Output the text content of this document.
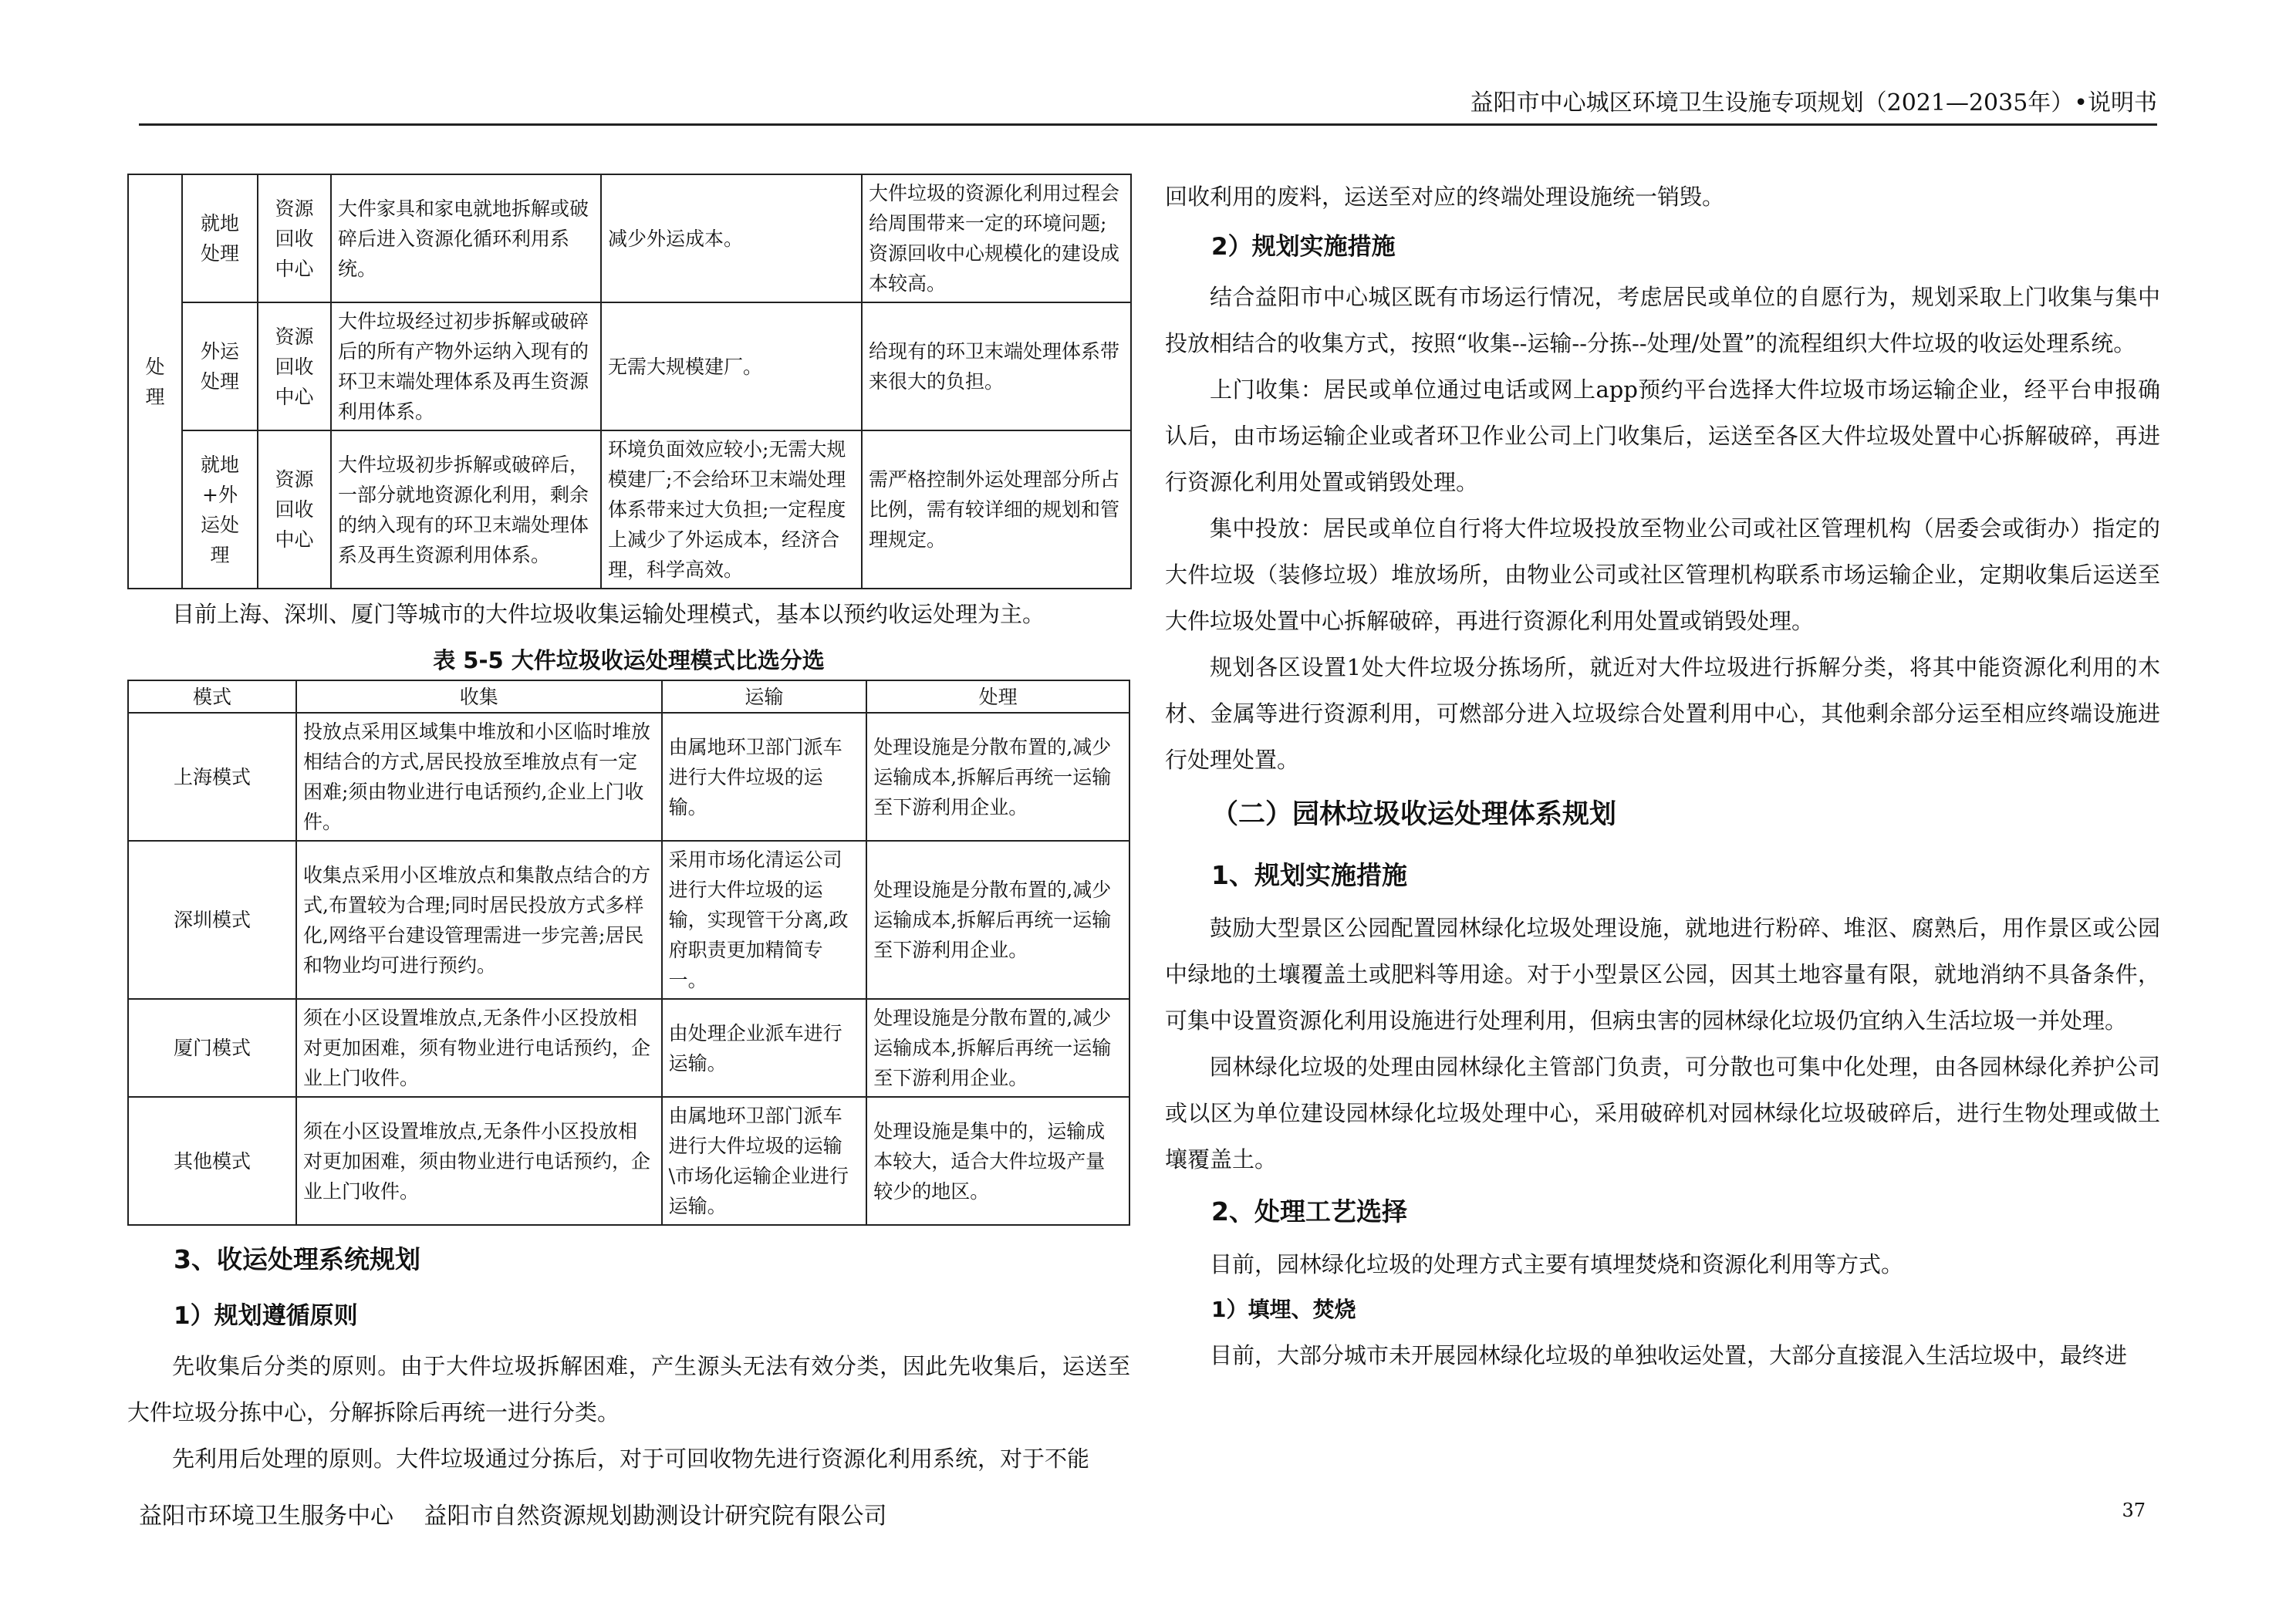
益阳市中心城区环境卫生设施专项规划（2021—2035年）•说明书
处理	就地处理	资源回收中心	大件家具和家电就地拆解或破碎后进入资源化循环利用系统。	减少外运成本。	大件垃圾的资源化利用过程会给周围带来一定的环境问题;资源回收中心规模化的建设成本较高。
	外运处理	资源回收中心	大件垃圾经过初步拆解或破碎后的所有产物外运纳入现有的环卫末端处理体系及再生资源利用体系。	无需大规模建厂。	给现有的环卫末端处理体系带来很大的负担。
	就地+外运处理	资源回收中心	大件垃圾初步拆解或破碎后，一部分就地资源化利用，剩余的纳入现有的环卫末端处理体系及再生资源利用体系。	环境负面效应较小;无需大规模建厂;不会给环卫末端处理体系带来过大负担;一定程度上减少了外运成本，经济合理，科学高效。	需严格控制外运处理部分所占比例，需有较详细的规划和管理规定。

目前上海、深圳、厦门等城市的大件垃圾收集运输处理模式，基本以预约收运处理为主。

表 5-5 大件垃圾收运处理模式比选分选
模式	收集	运输	处理
上海模式	投放点采用区域集中堆放和小区临时堆放相结合的方式,居民投放至堆放点有一定困难;须由物业进行电话预约,企业上门收件。	由属地环卫部门派车进行大件垃圾的运输。	处理设施是分散布置的,减少运输成本,拆解后再统一运输至下游利用企业。
深圳模式	收集点采用小区堆放点和集散点结合的方式,布置较为合理;同时居民投放方式多样化,网络平台建设管理需进一步完善;居民和物业均可进行预约。	采用市场化清运公司进行大件垃圾的运输，实现管干分离,政府职责更加精简专一。	处理设施是分散布置的,减少运输成本,拆解后再统一运输至下游利用企业。
厦门模式	须在小区设置堆放点,无条件小区投放相对更加困难，须有物业进行电话预约，企业上门收件。	由处理企业派车进行运输。	处理设施是分散布置的,减少运输成本,拆解后再统一运输至下游利用企业。
其他模式	须在小区设置堆放点,无条件小区投放相对更加困难，须由物业进行电话预约，企业上门收件。	由属地环卫部门派车进行大件垃圾的运输\市场化运输企业进行运输。	处理设施是集中的，运输成本较大，适合大件垃圾产量较少的地区。
3、收运处理系统规划
1）规划遵循原则

先收集后分类的原则。由于大件垃圾拆解困难，产生源头无法有效分类，因此先收集后，运送至大件垃圾分拣中心，分解拆除后再统一进行分类。

先利用后处理的原则。大件垃圾通过分拣后，对于可回收物先进行资源化利用系统，对于不能

回收利用的废料，运送至对应的终端处理设施统一销毁。

2）规划实施措施

结合益阳市中心城区既有市场运行情况，考虑居民或单位的自愿行为，规划采取上门收集与集中投放相结合的收集方式，按照“收集--运输--分拣--处理/处置”的流程组织大件垃圾的收运处理系统。

上门收集：居民或单位通过电话或网上app预约平台选择大件垃圾市场运输企业，经平台申报确认后，由市场运输企业或者环卫作业公司上门收集后，运送至各区大件垃圾处置中心拆解破碎，再进行资源化利用处置或销毁处理。

集中投放：居民或单位自行将大件垃圾投放至物业公司或社区管理机构（居委会或街办）指定的大件垃圾（装修垃圾）堆放场所，由物业公司或社区管理机构联系市场运输企业，定期收集后运送至大件垃圾处置中心拆解破碎，再进行资源化利用处置或销毁处理。

规划各区设置1处大件垃圾分拣场所，就近对大件垃圾进行拆解分类，将其中能资源化利用的木材、金属等进行资源利用，可燃部分进入垃圾综合处置利用中心，其他剩余部分运至相应终端设施进行处理处置。

（二）园林垃圾收运处理体系规划
1、规划实施措施

鼓励大型景区公园配置园林绿化垃圾处理设施，就地进行粉碎、堆沤、腐熟后，用作景区或公园中绿地的土壤覆盖土或肥料等用途。对于小型景区公园，因其土地容量有限，就地消纳不具备条件，可集中设置资源化利用设施进行处理利用，但病虫害的园林绿化垃圾仍宜纳入生活垃圾一并处理。

园林绿化垃圾的处理由园林绿化主管部门负责，可分散也可集中化处理，由各园林绿化养护公司或以区为单位建设园林绿化垃圾处理中心，采用破碎机对园林绿化垃圾破碎后，进行生物处理或做土壤覆盖土。

2、处理工艺选择

目前，园林绿化垃圾的处理方式主要有填埋焚烧和资源化利用等方式。

1）填埋、焚烧

目前，大部分城市未开展园林绿化垃圾的单独收运处置，大部分直接混入生活垃圾中，最终进

益阳市环境卫生服务中心　 益阳市自然资源规划勘测设计研究院有限公司	37
